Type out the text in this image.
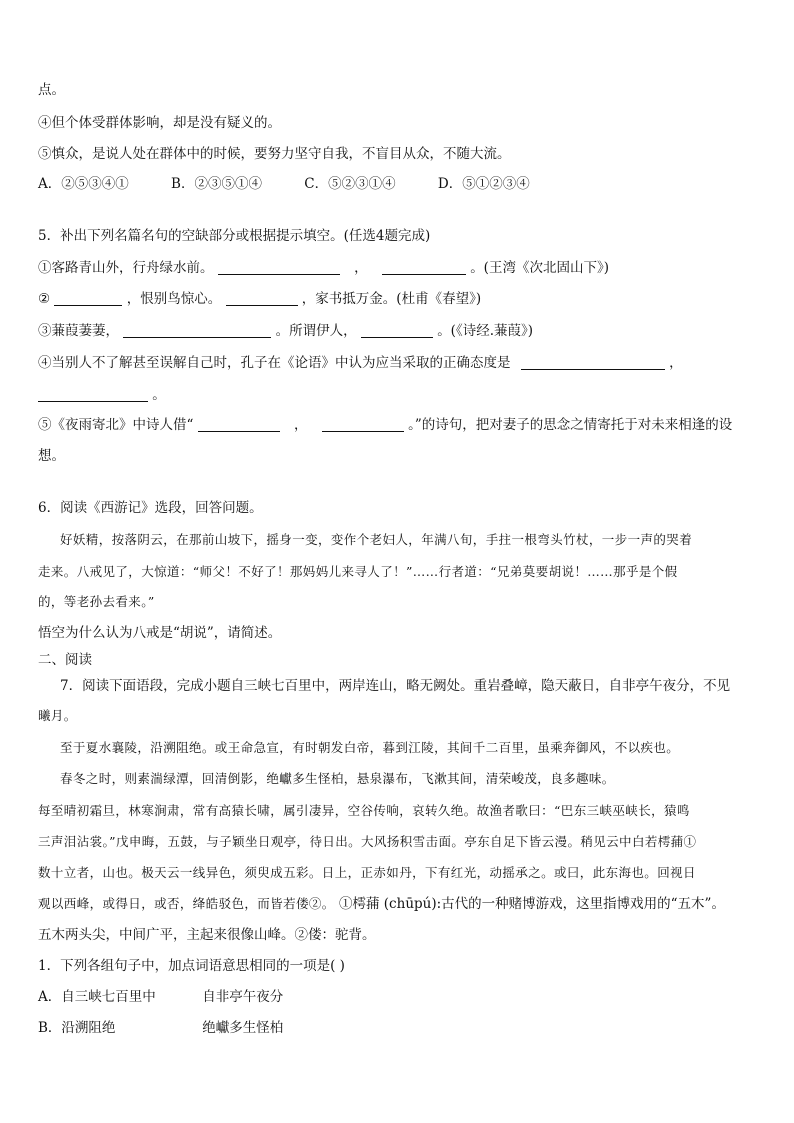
点。
④但个体受群体影响，却是没有疑义的。
⑤慎众，是说人处在群体中的时候，要努力坚守自我，不盲目从众，不随大流。
A．②⑤③④①	B．②③⑤①④	C．⑤②③①④	D．⑤①②③④
5．补出下列名篇名句的空缺部分或根据提示填空。(任选4题完成)
①客路青山外，行舟绿水前。	，	。(王湾《次北固山下》)
②	，恨别鸟惊心。	，家书抵万金。(杜甫《春望》)
③蒹葭萋萋，	。所谓伊人，	。(《诗经.蒹葭》)
④当别人不了解甚至误解自己时，孔子在《论语》中认为应当采取的正确态度是	，
。
⑤《夜雨寄北》中诗人借“	，	。”的诗句，把对妻子的思念之情寄托于对未来相逢的设
想。
6．阅读《西游记》选段，回答问题。
好妖精，按落阴云，在那前山坡下，摇身一变，变作个老妇人，年满八旬，手拄一根弯头竹杖，一步一声的哭着
走来。八戒见了，大惊道：“师父！不好了！那妈妈儿来寻人了！”……行者道：“兄弟莫要胡说！……那乎是个假
的，等老孙去看来。”
悟空为什么认为八戒是“胡说”，请简述。
二、阅读
7．阅读下面语段，完成小题自三峡七百里中，两岸连山，略无阙处。重岩叠嶂，隐天蔽日，自非亭午夜分，不见
曦月。
至于夏水襄陵，沿溯阻绝。或王命急宣，有时朝发白帝，暮到江陵，其间千二百里，虽乘奔御风，不以疾也。
春冬之时，则素湍绿潭，回清倒影，绝巘多生怪柏，悬泉瀑布，飞漱其间，清荣峻茂，良多趣味。
每至晴初霜旦，林寒涧肃，常有高猿长啸，属引凄异，空谷传响，哀转久绝。故渔者歌曰：“巴东三峡巫峡长，猿鸣
三声泪沾裳。”戊申晦，五鼓，与子颖坐日观亭，待日出。大风扬积雪击面。亭东自足下皆云漫。稍见云中白若樗蒱①
数十立者，山也。极天云一线异色，须臾成五彩。日上，正赤如丹，下有红光，动摇承之。或曰，此东海也。回视日
观以西峰，或得日，或否，绛皓驳色，而皆若偻②。 ①樗蒱 (chūpú):古代的一种赌博游戏，这里指博戏用的“五木”。
五木两头尖，中间广平，主起来很像山峰。②偻：驼背。
1．下列各组句子中，加点词语意思相同的一项是( )
A．自三峡七百里中	自非亭午夜分
B．沿溯阻绝	绝巘多生怪柏
